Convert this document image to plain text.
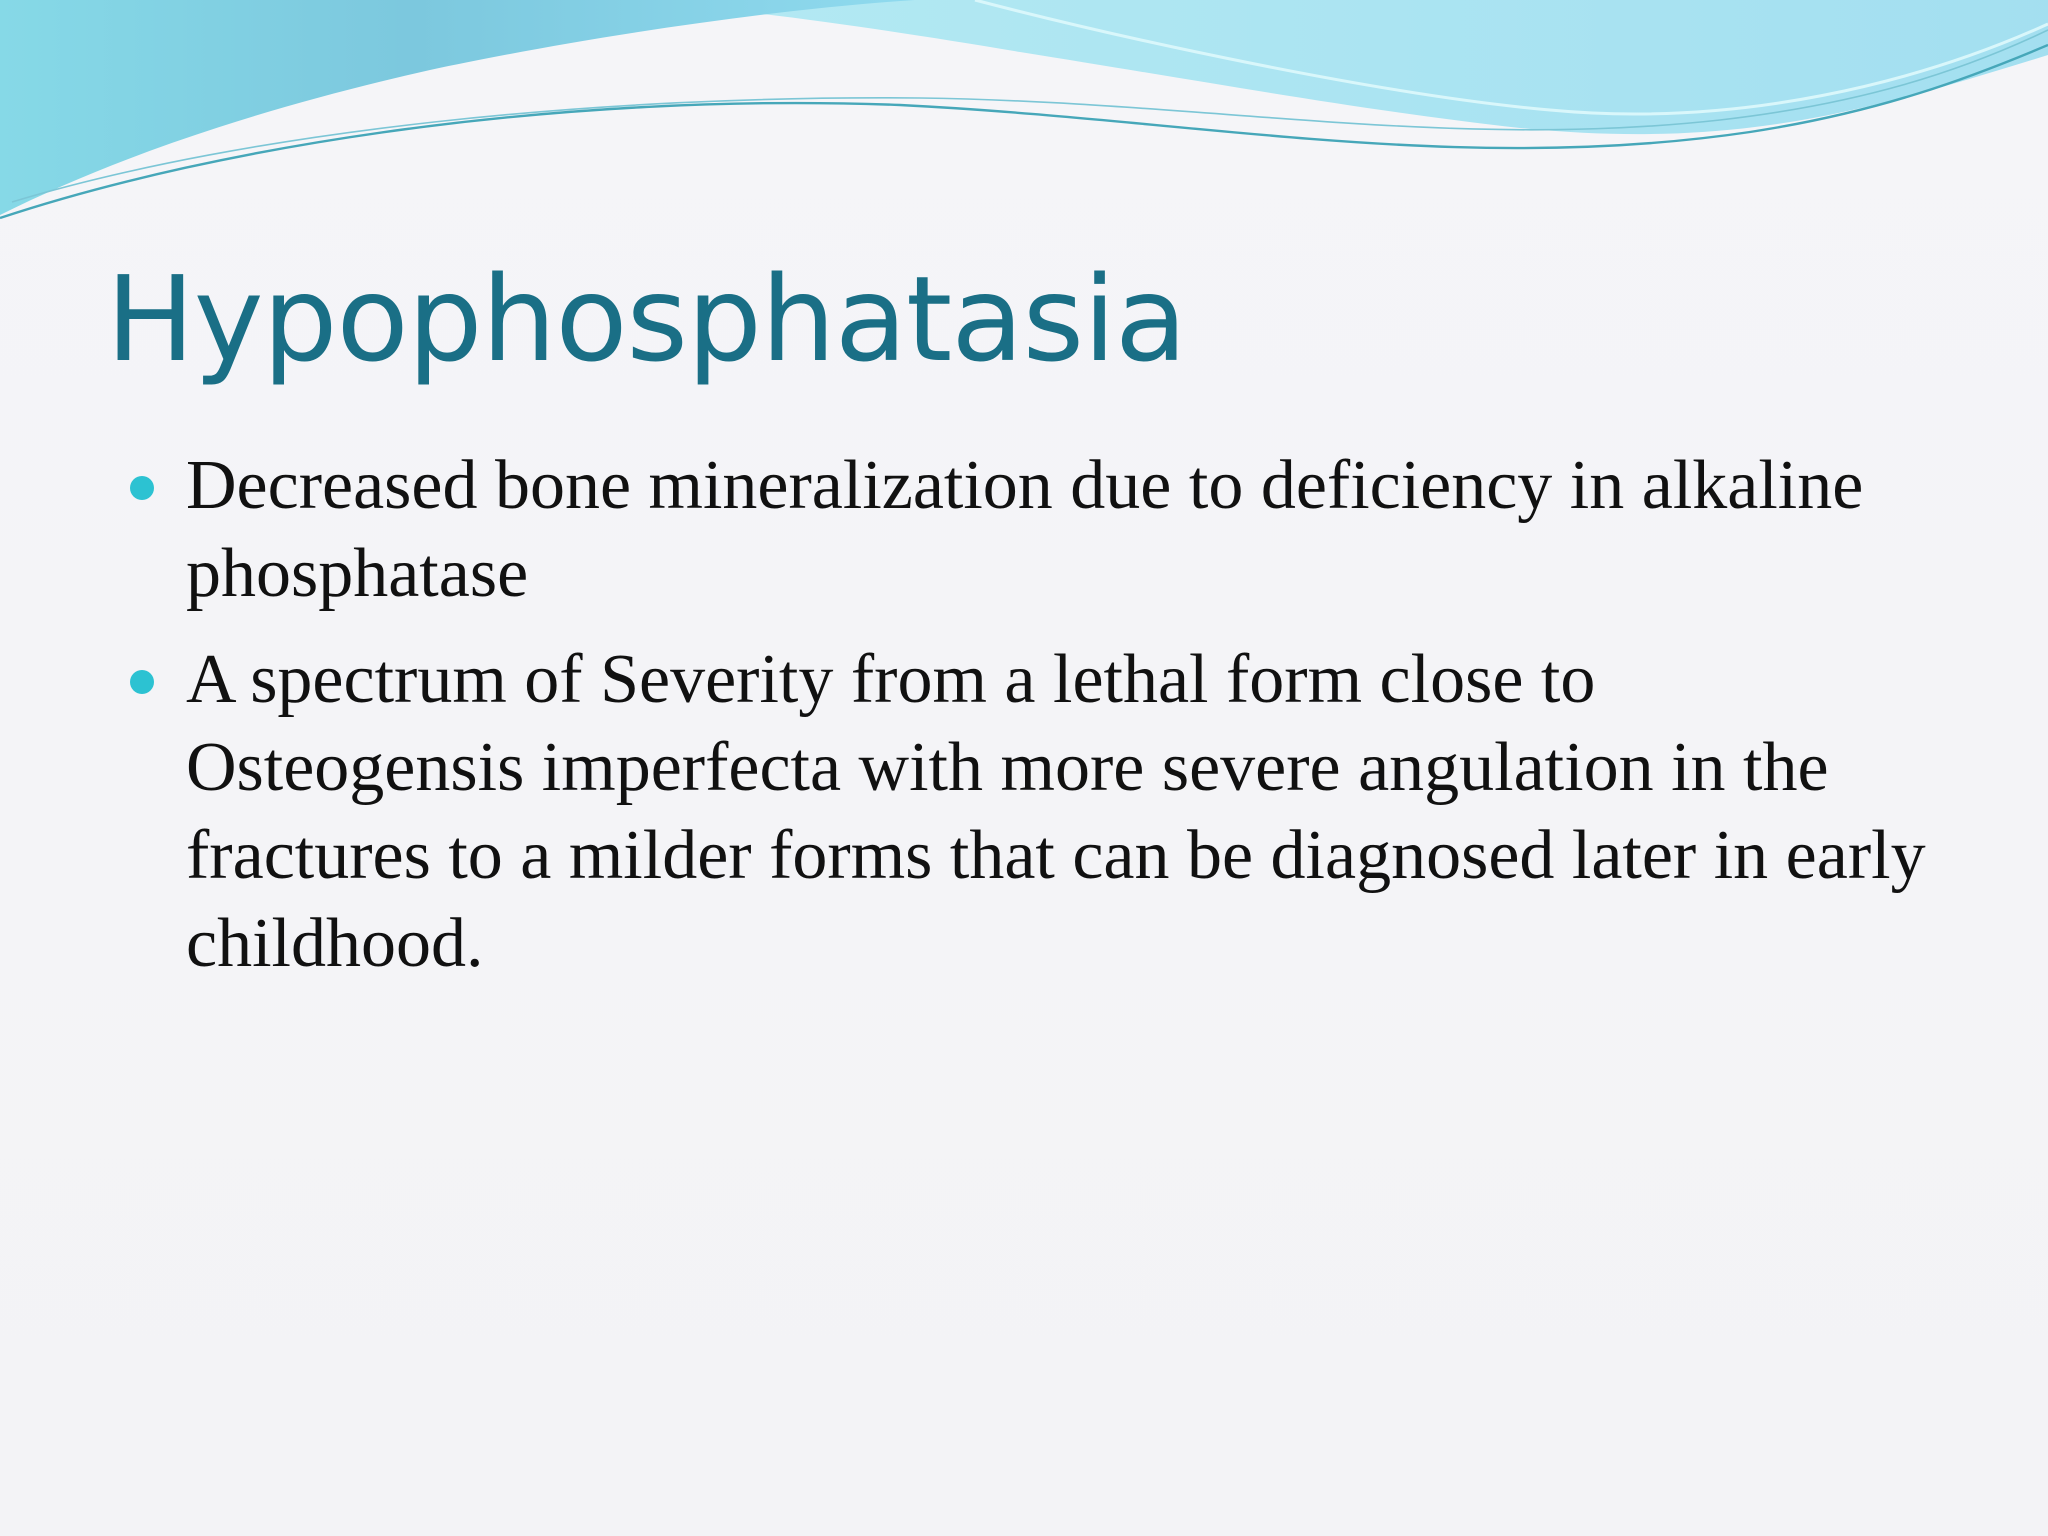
Hypophosphatasia
Decreased bone mineralization due to deficiency in alkaline phosphatase
A spectrum of Severity from a lethal form close to Osteogensis imperfecta with more severe angulation in the fractures to a milder forms that can be diagnosed later in early childhood.
